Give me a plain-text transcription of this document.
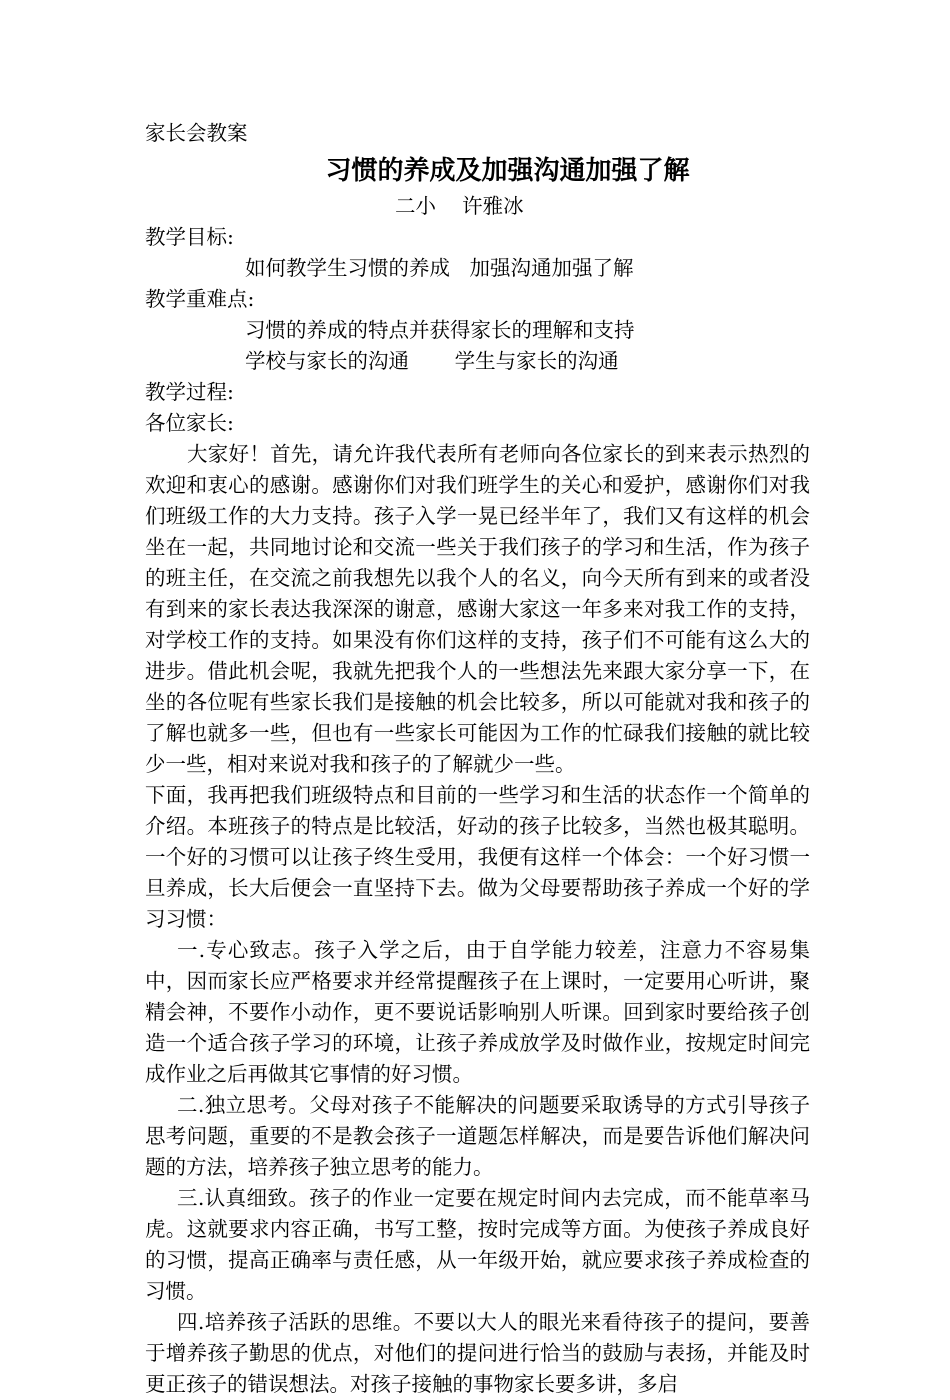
家长会教案
习惯的养成及加强沟通加强了解
二小    许雅冰
教学目标:
如何教学生习惯的养成   加强沟通加强了解
教学重难点:
习惯的养成的特点并获得家长的理解和支持
学校与家长的沟通       学生与家长的沟通
教学过程:
各位家长:

大家好！首先，请允许我代表所有老师向各位家长的到来表示热烈的欢迎和衷心的感谢。感谢你们对我们班学生的关心和爱护，感谢你们对我们班级工作的大力支持。孩子入学一晃已经半年了，我们又有这样的机会坐在一起，共同地讨论和交流一些关于我们孩子的学习和生活，作为孩子的班主任，在交流之前我想先以我个人的名义，向今天所有到来的或者没有到来的家长表达我深深的谢意，感谢大家这一年多来对我工作的支持，对学校工作的支持。如果没有你们这样的支持，孩子们不可能有这么大的进步。借此机会呢，我就先把我个人的一些想法先来跟大家分享一下，在坐的各位呢有些家长我们是接触的机会比较多，所以可能就对我和孩子的了解也就多一些，但也有一些家长可能因为工作的忙碌我们接触的就比较少一些，相对来说对我和孩子的了解就少一些。

下面，我再把我们班级特点和目前的一些学习和生活的状态作一个简单的介绍。本班孩子的特点是比较活，好动的孩子比较多，当然也极其聪明。一个好的习惯可以让孩子终生受用，我便有这样一个体会：一个好习惯一旦养成，长大后便会一直坚持下去。做为父母要帮助孩子养成一个好的学习习惯：

一.专心致志。孩子入学之后，由于自学能力较差，注意力不容易集中，因而家长应严格要求并经常提醒孩子在上课时，一定要用心听讲，聚精会神，不要作小动作，更不要说话影响别人听课。回到家时要给孩子创造一个适合孩子学习的环境，让孩子养成放学及时做作业，按规定时间完成作业之后再做其它事情的好习惯。

二.独立思考。父母对孩子不能解决的问题要采取诱导的方式引导孩子思考问题，重要的不是教会孩子一道题怎样解决，而是要告诉他们解决问题的方法，培养孩子独立思考的能力。

三.认真细致。孩子的作业一定要在规定时间内去完成，而不能草率马虎。这就要求内容正确，书写工整，按时完成等方面。为使孩子养成良好的习惯，提高正确率与责任感，从一年级开始，就应要求孩子养成检查的习惯。

四.培养孩子活跃的思维。不要以大人的眼光来看待孩子的提问，要善于增养孩子勤思的优点，对他们的提问进行恰当的鼓励与表扬，并能及时更正孩子的错误想法。对孩子接触的事物家长要多讲，多启
